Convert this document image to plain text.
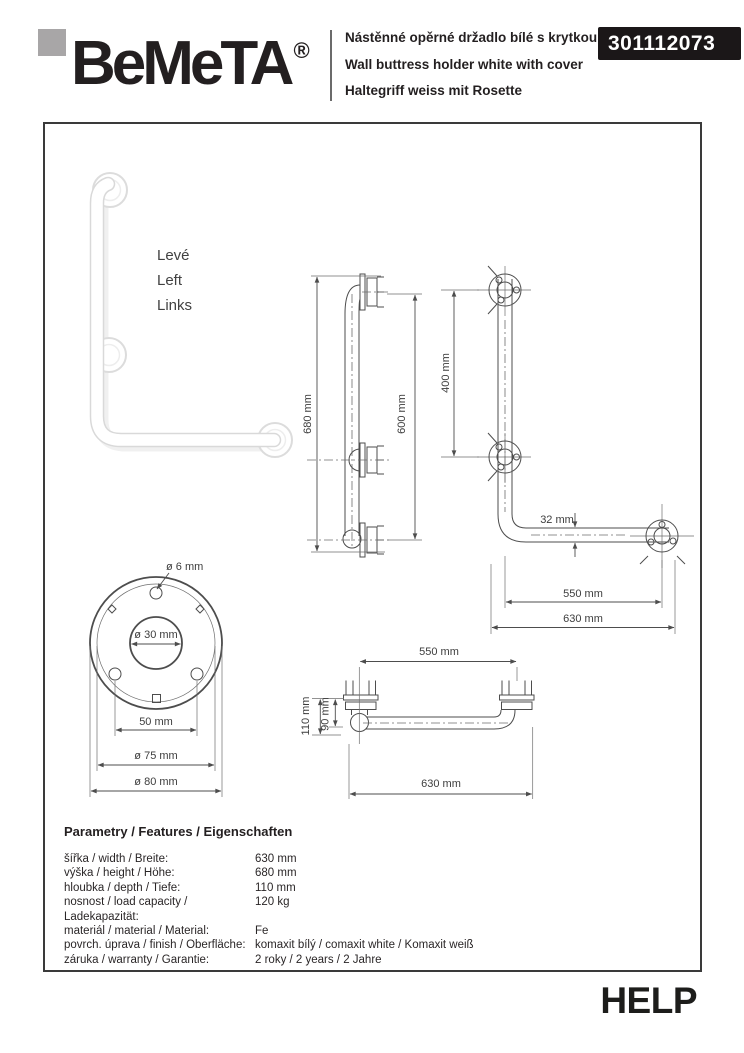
BeMeTA ®
Nástěnné opěrné držadlo bílé s krytkou
Wall buttress holder white with cover
Haltegriff weiss mit Rosette
301112073
Levé
Left
Links
680 mm	600 mm
400 mm
32 mm
550 mm
630 mm
ø 6 mm
ø 30 mm
50 mm
ø 75 mm
ø 80 mm
550 mm
110 mm 90 mm
630 mm
Parametry / Features / Eigenschaften
šířka / width / Breite:	630 mm
výška / height / Höhe:	680 mm
hloubka / depth / Tiefe:	110 mm
nosnost / load capacity / Ladekapazität:
120 kg
materiál / material / Material:	Fe
povrch. úprava / finish / Oberfläche: komaxit bílý / comaxit white / Komaxit weiß
záruka / warranty / Garantie:	2 roky / 2 years / 2 Jahre
HELP
